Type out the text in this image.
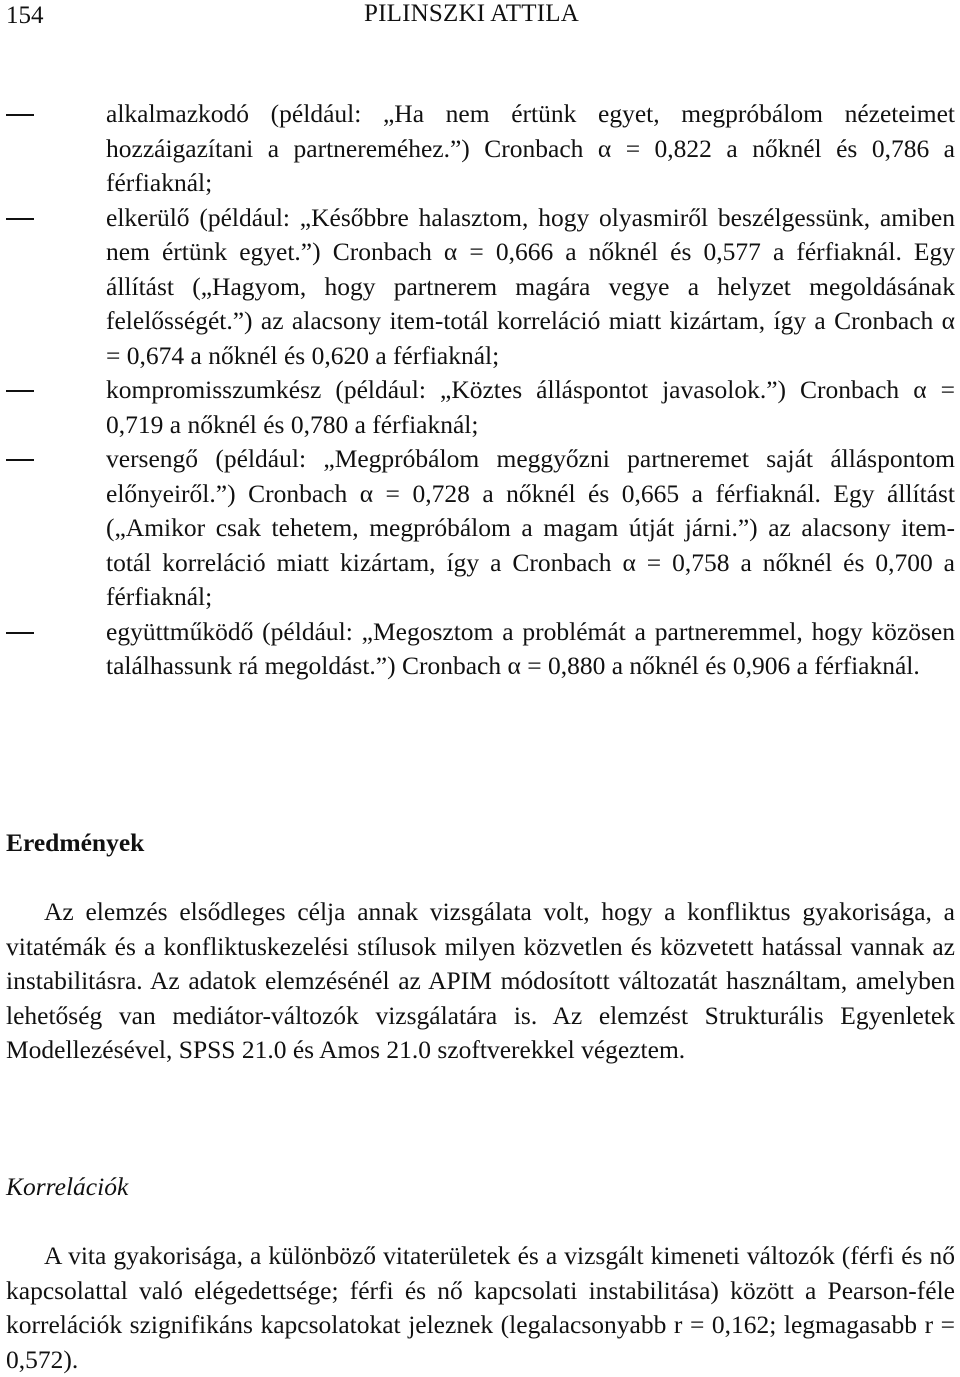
154	PILINSZKI ATTILA
alkalmazkodó (például: „Ha nem értünk egyet, megpróbálom nézeteimet hozzáigazítani a partnereméhez.”) Cronbach α = 0,822 a nőknél és 0,786 a férfiaknál;
elkerülő (például: „Későbbre halasztom, hogy olyasmiről beszélgessünk, amiben nem értünk egyet.”) Cronbach α = 0,666 a nőknél és 0,577 a férfiaknál. Egy állítást („Hagyom, hogy partnerem magára vegye a helyzet megoldásának felelősségét.”) az alacsony item-totál korreláció miatt kizártam, így a Cronbach α = 0,674 a nőknél és 0,620 a férfiaknál;
kompromisszumkész (például: „Köztes álláspontot javasolok.”) Cronbach α = 0,719 a nőknél és 0,780 a férfiaknál;
versengő (például: „Megpróbálom meggyőzni partneremet saját álláspontom előnyeiről.”) Cronbach α = 0,728 a nőknél és 0,665 a férfiaknál. Egy állítást („Amikor csak tehetem, megpróbálom a magam útját járni.”) az alacsony item-totál korreláció miatt kizártam, így a Cronbach α = 0,758 a nőknél és 0,700 a férfiaknál;
együttműködő (például: „Megosztom a problémát a partneremmel, hogy közösen találhassunk rá megoldást.”) Cronbach α = 0,880 a nőknél és 0,906 a férfiaknál.
Eredmények

Az elemzés elsődleges célja annak vizsgálata volt, hogy a konfliktus gyakorisága, a vitatémák és a konfliktuskezelési stílusok milyen közvetlen és közvetett hatással vannak az instabilitásra. Az adatok elemzésénél az APIM módosított változatát használtam, amelyben lehetőség van mediátor-változók vizsgálatára is. Az elemzést Strukturális Egyenletek Modellezésével, SPSS 21.0 és Amos 21.0 szoftverekkel végeztem.

Korrelációk

A vita gyakorisága, a különböző vitaterületek és a vizsgált kimeneti változók (férfi és nő kapcsolattal való elégedettsége; férfi és nő kapcsolati instabilitása) között a Pearson-féle korrelációk szignifikáns kapcsolatokat jeleznek (legalacsonyabb r = 0,162; legmagasabb r = 0,572).
